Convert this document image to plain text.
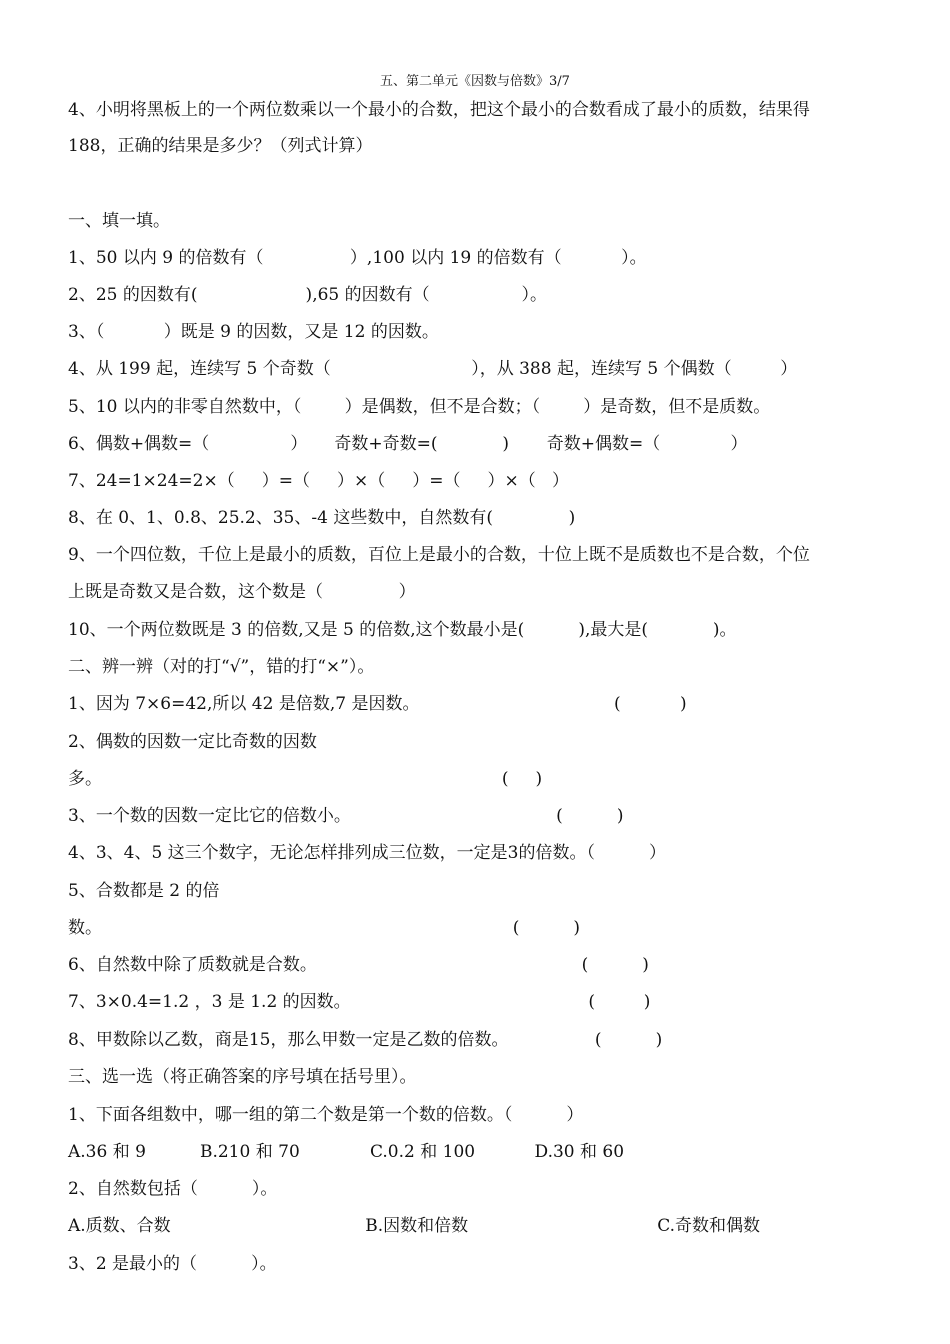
五、第二单元《因数与倍数》3/7
4、小明将黑板上的一个两位数乘以一个最小的合数，把这个最小的合数看成了最小的质数，结果得
188，正确的结果是多少？（列式计算）
一、填一填。
1、50 以内 9 的倍数有（                ）,100 以内 19 的倍数有（           ）。
2、25 的因数有(                    ),65 的因数有（                 ）。
3、（           ）既是 9 的因数，又是 12 的因数。
4、从 199 起，连续写 5 个奇数（                          ），从 388 起，连续写 5 个偶数（         ）
5、10 以内的非零自然数中，（        ）是偶数，但不是合数；（        ）是奇数，但不是质数。
6、偶数+偶数=（               ）     奇数+奇数=(            )       奇数+偶数=（             ）
7、24=1×24=2×（     ）=（     ）×（     ）=（     ）×（   ）
8、在 0、1、0.8、25.2、35、-4 这些数中，自然数有(              )
9、一个四位数，千位上是最小的质数，百位上是最小的合数，十位上既不是质数也不是合数，个位
上既是奇数又是合数，这个数是（              ）
10、一个两位数既是 3 的倍数,又是 5 的倍数,这个数最小是(          ),最大是(            )。
二、辨一辨（对的打“√”，错的打“×”）。
1、因为 7×6=42,所以 42 是倍数,7 是因数。                                    (           )
2、偶数的因数一定比奇数的因数
多。                                                                          (     )
3、一个数的因数一定比它的倍数小。                                      (          )
4、3、4、5 这三个数字，无论怎样排列成三位数，一定是3的倍数。（          ）
5、合数都是 2 的倍
数。                                                                            (          )
6、自然数中除了质数就是合数。                                                 (          )
7、3×0.4=1.2 ，3 是 1.2 的因数。                                            (         )
8、甲数除以乙数，商是15，那么甲数一定是乙数的倍数。                (          )
三、选一选（将正确答案的序号填在括号里）。
1、下面各组数中，哪一组的第二个数是第一个数的倍数。（          ）
A.36 和 9          B.210 和 70             C.0.2 和 100           D.30 和 60
2、自然数包括（          ）。
A.质数、合数                                    B.因数和倍数                                   C.奇数和偶数
3、2 是最小的（          ）。
